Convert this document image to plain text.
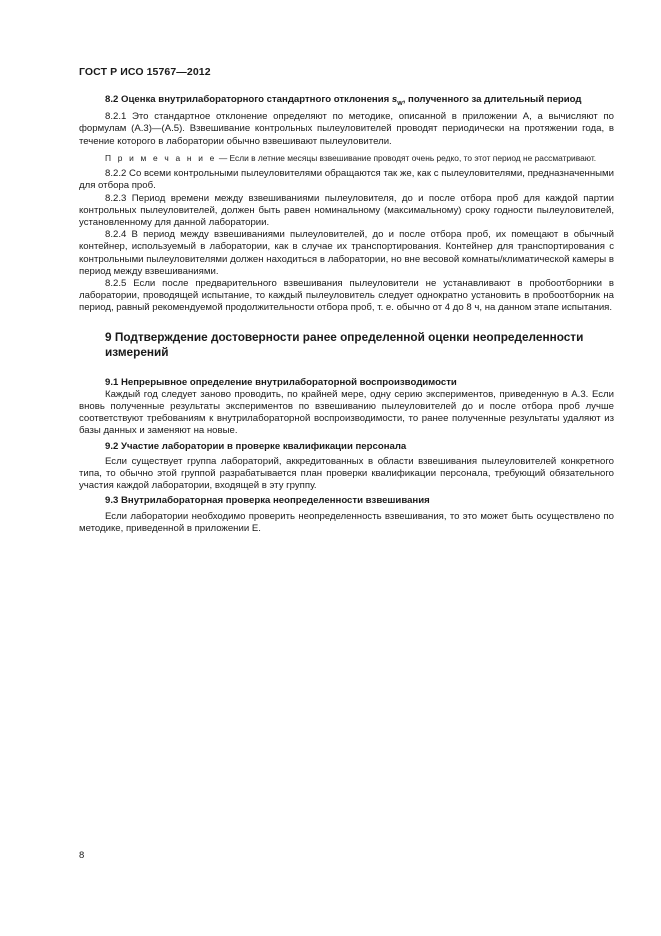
ГОСТ Р ИСО 15767—2012

8.2 Оценка внутрилабораторного стандартного отклонения $s_w$, полученного за длительный период

8.2.1 Это стандартное отклонение определяют по методике, описанной в приложении А, а вычисляют по формулам (А.3)—(А.5). Взвешивание контрольных пылеуловителей проводят периодически на протяжении года, в течение которого в лаборатории обычно взвешивают пылеуловители.

П р и м е ч а н и е — Если в летние месяцы взвешивание проводят очень редко, то этот период не рассматривают.

8.2.2 Со всеми контрольными пылеуловителями обращаются так же, как с пылеуловителями, предназначенными для отбора проб.

8.2.3 Период времени между взвешиваниями пылеуловителя, до и после отбора проб для каждой партии контрольных пылеуловителей, должен быть равен номинальному (максимальному) сроку годности пылеуловителей, установленному для данной лаборатории.

8.2.4 В период между взвешиваниями пылеуловителей, до и после отбора проб, их помещают в обычный контейнер, используемый в лаборатории, как в случае их транспортирования. Контейнер для транспортирования с контрольными пылеуловителями должен находиться в лаборатории, но вне весовой комнаты/климатической камеры в период между взвешиваниями.

8.2.5 Если после предварительного взвешивания пылеуловители не устанавливают в пробоотборники в лаборатории, проводящей испытание, то каждый пылеуловитель следует однократно установить в пробоотборник на период, равный рекомендуемой продолжительности отбора проб, т. е. обычно от 4 до 8 ч, на данном этапе испытания.

9 Подтверждение достоверности ранее определенной оценки неопределенности измерений

9.1 Непрерывное определение внутрилабораторной воспроизводимости

Каждый год следует заново проводить, по крайней мере, одну серию экспериментов, приведенную в А.3. Если вновь полученные результаты экспериментов по взвешиванию пылеуловителей до и после отбора проб лучше соответствуют требованиям к внутрилабораторной воспроизводимости, то ранее полученные результаты удаляют из базы данных и заменяют на новые.

9.2 Участие лаборатории в проверке квалификации персонала

Если существует группа лабораторий, аккредитованных в области взвешивания пылеуловителей конкретного типа, то обычно этой группой разрабатывается план проверки квалификации персонала, требующий обязательного участия каждой лаборатории, входящей в эту группу.

9.3 Внутрилабораторная проверка неопределенности взвешивания

Если лаборатории необходимо проверить неопределенность взвешивания, то это может быть осуществлено по методике, приведенной в приложении Е.

8
